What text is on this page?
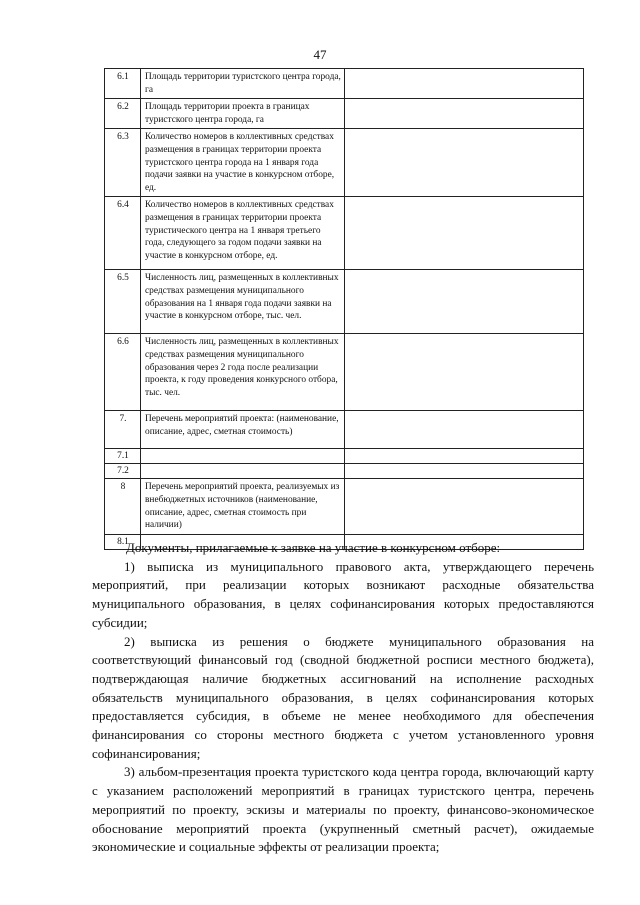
47
6.1	Площадь территории туристского центра города, га	
6.2	Площадь территории проекта в границах туристского центра города, га	
6.3	Количество номеров в коллективных средствах размещения в границах территории проекта туристского центра города на 1 января года подачи заявки на участие в конкурсном отборе, ед.	
6.4	Количество номеров в коллективных средствах размещения в границах территории проекта туристического центра на 1 января третьего года, следующего за годом подачи заявки на участие в конкурсном отборе, ед.	
6.5	Численность лиц, размещенных в коллективных средствах размещения муниципального образования на 1 января года подачи заявки на участие в конкурсном отборе, тыс. чел.	
6.6	Численность лиц, размещенных в коллективных средствах размещения муниципального образования через 2 года после реализации проекта, к году проведения конкурсного отбора, тыс. чел.	
7.	Перечень мероприятий проекта: (наименование, описание, адрес, сметная стоимость)	
7.1		
7.2		
8	Перечень мероприятий проекта, реализуемых из внебюджетных источников (наименование, описание, адрес, сметная стоимость при наличии)	
8.1		

Документы, прилагаемые к заявке на участие в конкурсном отборе:

1) выписка из муниципального правового акта, утверждающего перечень мероприятий, при реализации которых возникают расходные обязательства муниципального образования, в целях софинансирования которых предоставляются субсидии;

2) выписка из решения о бюджете муниципального образования на соответствующий финансовый год (сводной бюджетной росписи местного бюджета), подтверждающая наличие бюджетных ассигнований на исполнение расходных обязательств муниципального образования, в целях софинансирования которых предоставляется субсидия, в объеме не менее необходимого для обеспечения финансирования со стороны местного бюджета с учетом установленного уровня софинансирования;

3) альбом-презентация проекта туристского кода центра города, включающий карту с указанием расположений мероприятий в границах туристского центра, перечень мероприятий по проекту, эскизы и материалы по проекту, финансово-экономическое обоснование мероприятий проекта (укрупненный сметный расчет), ожидаемые экономические и социальные эффекты от реализации проекта;
